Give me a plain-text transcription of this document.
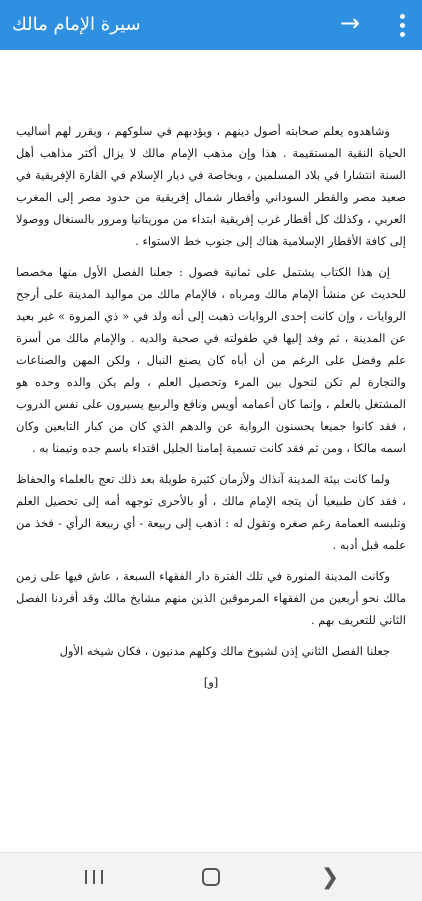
→
سيرة الإمام مالك

وشاهدوه يعلم صحابته أصول دينهم ، ويؤدبهم في سلوكهم ، ويقرر لهم أساليب الحياة النقية المستقيمة . هذا وإن مذهب الإمام مالك لا يزال أكثر مذاهب أهل السنة انتشارا في بلاد المسلمين ، وبخاصة في ديار الإسلام في القارة الإفريقية في صعيد مصر والقطر السوداني وأقطار شمال إفريقية من حدود مصر إلى المغرب العربي ، وكذلك كل أقطار غرب إفريقية ابتداء من موريتانيا ومرور بالسنغال ووصولا إلى كافة الأقطار الإسلامية هناك إلى جنوب خط الاستواء .

إن هذا الكتاب يشتمل على ثمانية فصول : جعلنا الفصل الأول منها مخصصا للحديث عن منشأ الإمام مالك ومرباه ، فالإمام مالك من مواليد المدينة على أرجح الروايات ، وإن كانت إحدى الروايات ذهبت إلى أنه ولد في « ذي المروة » غير بعيد عن المدينة ، ثم وفد إليها في طفولته في صحبة والديه . والإمام مالك من أسرة علم وفضل على الرغم من أن أباه كان يصنع النبال ، ولكن المهن والصناعات والتجارة لم تكن لتحول بين المرء وتحصيل العلم ، ولم يكن والده وحده هو المشتغل بالعلم ، وإنما كان أعمامه أويس ونافع والربيع يسيرون على نفس الدروب ، فقد كانوا جميعا يحسنون الرواية عن والدهم الذي كان من كبار التابعين وكان اسمه مالكا ، ومن ثم فقد كانت تسمية إمامنا الجليل اقتداء باسم جده وتيمنا به .

ولما كانت بيئة المدينة آنذاك ولأزمان كثيرة طويلة بعد ذلك تعج بالعلماء والحفاظ ، فقد كان طبيعيا أن يتجه الإمام مالك ، أو بالأحرى توجهه أمه إلى تحصيل العلم وتلبسه العمامة رغم صغره وتقول له : اذهب إلى ربيعة - أي ربيعة الرأي - فخذ من علمه قبل أدبه .

وكانت المدينة المنورة في تلك الفترة دار الفقهاء السبعة ، عاش فيها على زمن مالك نحو أربعين من الفقهاء المرموقين الذين منهم مشايخ مالك وقد أفردنا الفصل الثاني للتعريف بهم .

جعلنا الفصل الثاني إذن لشيوخ مالك وكلهم مدنيون ، فكان شيخه الأول

[و]

❯
